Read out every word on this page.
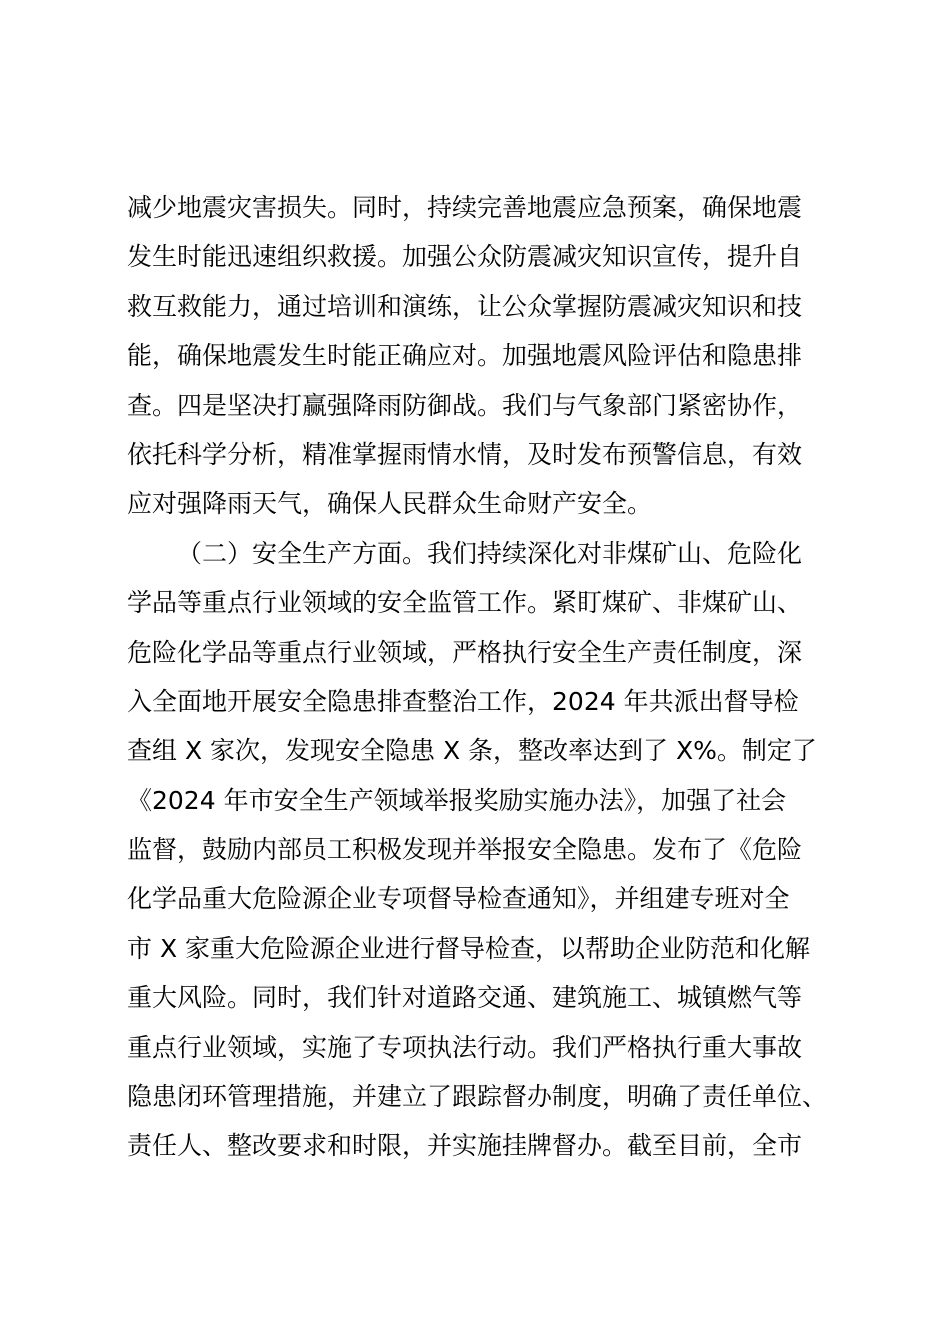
减少地震灾害损失。同时，持续完善地震应急预案，确保地震
发生时能迅速组织救援。加强公众防震减灾知识宣传，提升自
救互救能力，通过培训和演练，让公众掌握防震减灾知识和技
能，确保地震发生时能正确应对。加强地震风险评估和隐患排
查。四是坚决打赢强降雨防御战。我们与气象部门紧密协作，
依托科学分析，精准掌握雨情水情，及时发布预警信息，有效
应对强降雨天气，确保人民群众生命财产安全。
（二）安全生产方面。我们持续深化对非煤矿山、危险化
学品等重点行业领域的安全监管工作。紧盯煤矿、非煤矿山、
危险化学品等重点行业领域，严格执行安全生产责任制度，深
入全面地开展安全隐患排查整治工作，2024 年共派出督导检
查组 X 家次，发现安全隐患 X 条，整改率达到了 X%。制定了
《2024 年市安全生产领域举报奖励实施办法》，加强了社会
监督，鼓励内部员工积极发现并举报安全隐患。发布了《危险
化学品重大危险源企业专项督导检查通知》，并组建专班对全
市 X 家重大危险源企业进行督导检查，以帮助企业防范和化解
重大风险。同时，我们针对道路交通、建筑施工、城镇燃气等
重点行业领域，实施了专项执法行动。我们严格执行重大事故
隐患闭环管理措施，并建立了跟踪督办制度，明确了责任单位、
责任人、整改要求和时限，并实施挂牌督办。截至目前，全市
